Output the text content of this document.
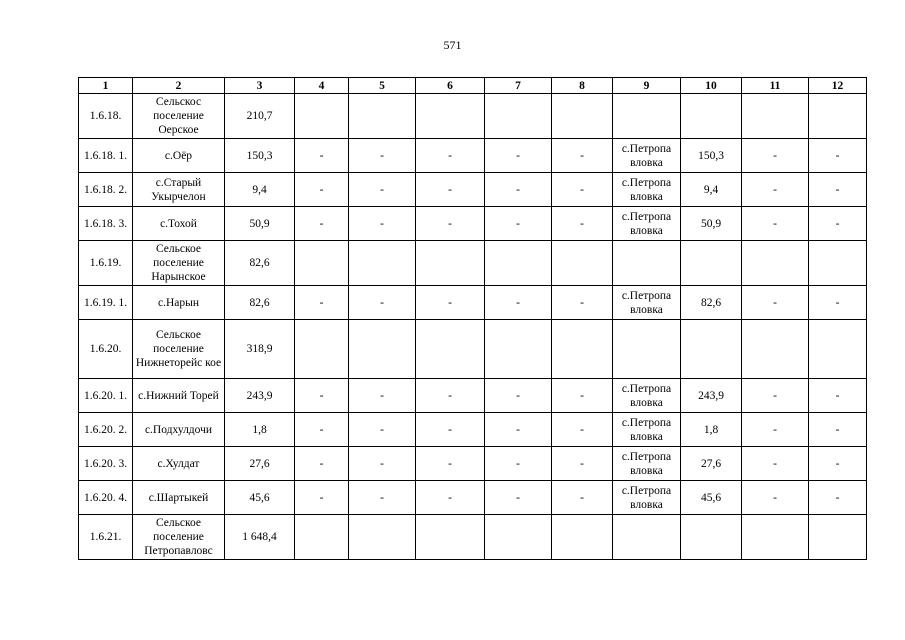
571
1	2	3	4	5	6	7	8	9	10	11	12
1.6.18.	Сельскос поселение Оерское	210,7									
1.6.18. 1.	с.Оёр	150,3	-	-	-	-	-	с.Петропа вловка	150,3	-	-
1.6.18. 2.	с.Старый Укырчелон	9,4	-	-	-	-	-	с.Петропа вловка	9,4	-	-
1.6.18. 3.	с.Тохой	50,9	-	-	-	-	-	с.Петропа вловка	50,9	-	-
1.6.19.	Сельское поселение Нарынское	82,6									
1.6.19. 1.	с.Нарын	82,6	-	-	-	-	-	с.Петропа вловка	82,6	-	-
1.6.20.	Сельское поселение Нижнеторейс кое	318,9									
1.6.20. 1.	с.Нижний Торей	243,9	-	-	-	-	-	с.Петропа вловка	243,9	-	-
1.6.20. 2.	с.Подхулдочи	1,8	-	-	-	-	-	с.Петропа вловка	1,8	-	-
1.6.20. 3.	с.Хулдат	27,6	-	-	-	-	-	с.Петропа вловка	27,6	-	-
1.6.20. 4.	с.Шартыкей	45,6	-	-	-	-	-	с.Петропа вловка	45,6	-	-
1.6.21.	Сельское поселение Петропавловс	1 648,4									
